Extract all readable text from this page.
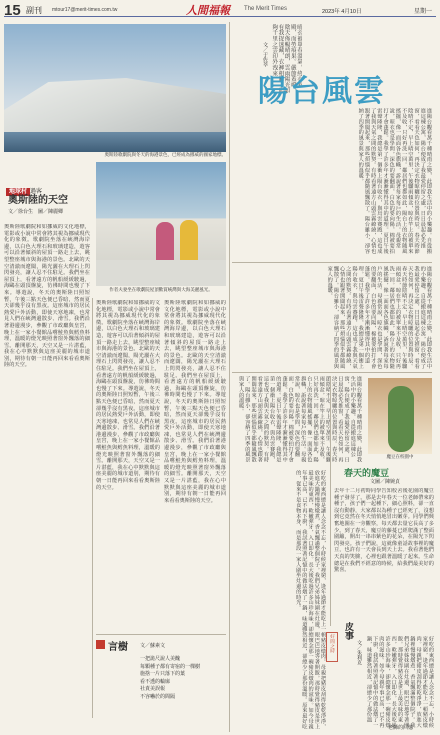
15 副刊 mtour17@merit-times.com.tw	人間福報 The Merit Times	2023年 4月10日	星期一
奧斯陸歌劇院與冬天的海港景色，已經成為挪威的國家地標。
作者夫妻坐在歌劇院屋頂歡賞峽灣與大海美麗風光。
地球村 過客
奧斯陸的天空
文／徐台生　圖／陳麗卿
奧斯陸歌劇院和如挪威的文化地標，電影或小說中常會將其視為挪威現代化的象徵。歌劇院坐落在峽灣海岸邊，以白色大理石和玻璃建造，遊客可以沿著傾斜的屋頂一路走上去，眺望整座城市與海港的景色。北歐的天空清澈而遼闊，陽光灑在大理石上閃閃發亮，讓人忍不住駐足。我們坐在屋頂上，看著遠方的帆船緩緩駛過，海鷗在頭頂盤旋，彷彿時間也慢了下來。導遊說，冬天的奧斯陸日照短暫，午後三點天色便已昏暗，然而夏天卻幾乎沒有黑夜。這座城市的居民熱愛戶外活動，即使天寒地凍，也常見人們在峽灣邊散步、滑雪。我們沿著港邊漫步，參觀了市政廳與皇宮，晚上在一家小餐館品嚐鮭魚與鱈魚料理，溫暖的燈光映照著窗外飄落的細雪。離開那天，天空又是一片湛藍，我在心中默默與這座美麗的城市道別，期待有朝一日能再回來看看奧斯陸的天空。
奧斯陸歌劇院和如挪威的文化地標，電影或小說中常會將其視為挪威現代化的象徵。歌劇院坐落在峽灣海岸邊，以白色大理石和玻璃建造，遊客可以沿著傾斜的屋頂一路走上去，眺望整座城市與海港的景色。北歐的天空清澈而遼闊，陽光灑在大理石上閃閃發亮，讓人忍不住駐足。我們坐在屋頂上，看著遠方的帆船緩緩駛過，海鷗在頭頂盤旋，彷彿時間也慢了下來。導遊說，冬天的奧斯陸日照短暫，午後三點天色便已昏暗，然而夏天卻幾乎沒有黑夜。這座城市的居民熱愛戶外活動，即使天寒地凍，也常見人們在峽灣邊散步、滑雪。我們沿著港邊漫步，參觀了市政廳與皇宮，晚上在一家小餐館品嚐鮭魚與鱈魚料理，溫暖的燈光映照著窗外飄落的細雪。離開那天，天空又是一片湛藍，我在心中默默與這座美麗的城市道別，期待有朝一日能再回來看看奧斯陸的天空。
奧斯陸歌劇院和如挪威的文化地標，電影或小說中常會將其視為挪威現代化的象徵。歌劇院坐落在峽灣海岸邊，以白色大理石和玻璃建造，遊客可以沿著傾斜的屋頂一路走上去，眺望整座城市與海港的景色。北歐的天空清澈而遼闊，陽光灑在大理石上閃閃發亮，讓人忍不住駐足。我們坐在屋頂上，看著遠方的帆船緩緩駛過，海鷗在頭頂盤旋，彷彿時間也慢了下來。導遊說，冬天的奧斯陸日照短暫，午後三點天色便已昏暗，然而夏天卻幾乎沒有黑夜。這座城市的居民熱愛戶外活動，即使天寒地凍，也常見人們在峽灣邊散步、滑雪。我們沿著港邊漫步，參觀了市政廳與皇宮，晚上在一家小餐館品嚐鮭魚與鱈魚料理，溫暖的燈光映照著窗外飄落的細雪。離開那天，天空又是一片湛藍，我在心中默默與這座美麗的城市道別，期待有朝一日能再回來看看奧斯陸的天空。
言樹 文／蘇素文
一把詭尺說人美醜
每顆種子都有寄宿的一棵樹
施捨一片只落下的葉
看不透的輪廓
社責美誤報
不容嚇於的間隔
晴衣被單春溫氣，終衣外殿，而勞痕果。嚴節蓋嚐，陰天佈暢晴朗，雲雨陽光如有我捉迷藏，衣褲相關，能夠千里之雲印外洩來。
文／于佐莘
陽台風雲
進陽台觀看萬千種晴雨之變，此即我生活中的小樂趣。自從搬進這棟公寓，陽台便成了我最愛停留之處，日日晨起必先推窗，看看天色如何，再決定衣物晾曬的位置與時辰。春天時節陰晴不定，早上晴空萬里，午後驟雨傾盆，晾在竿上的被單來不及收，只好再洗一回。鄰居們也都如此，陽台上的衣物隨風搖擺，像一面面各色旗幟，訴說著每家每戶的生活。母親常說，晾衣也是學問，深色的要翻面，白色的要向陽，棉被要拍打才會蓬鬆。我學了許多年才漸漸懂得其中的道理。夏日午後雷聲隆隆，我總是第一個衝上陽台收衣，與烏雲賽跑，這也成了我與天氣之間的默契。有時看著遠方山頭雲霧繚繞，心情也跟著開闊起來，那些煩惱似乎都隨風飄散了。陽台雖小，卻容納了四季的風景與家人的溫暖。
進陽台觀看萬千種晴雨之變，此即我生活中的小樂趣。自從搬進這棟公寓，陽台便成了我最愛停留之處，日日晨起必先推窗，看看天色如何，再決定衣物晾曬的位置與時辰。春天時節陰晴不定，早上晴空萬里，午後驟雨傾盆，晾在竿上的被單來不及收，只好再洗一回。鄰居們也都如此，陽台上的衣物隨風搖擺，像一面面各色旗幟，訴說著每家每戶的生活。母親常說，晾衣也是學問，深色的要翻面，白色的要向陽，棉被要拍打才會蓬鬆。我學了許多年才漸漸懂得其中的道理。夏日午後雷聲隆隆，我總是第一個衝上陽台收衣，與烏雲賽跑，這也成了我與天氣之間的默契。有時看著遠方山頭雲霧繚繞，心情也跟著開闊起來，那些煩惱似乎都隨風飄散了。陽台雖小，卻容納了四季的風景與家人的溫暖。
進陽台觀看萬千種晴雨之變，此即我生活中的小樂趣。自從搬進這棟公寓，陽台便成了我最愛停留之處，日日晨起必先推窗，看看天色如何，再決定衣物晾曬的位置與時辰。春天時節陰晴不定，早上晴空萬里，午後驟雨傾盆，晾在竿上的被單來不及收，只好再洗一回。鄰居們也都如此，陽台上的衣物隨風搖擺，像一面面各色旗幟，訴說著每家每戶的生活。母親常說，晾衣也是學問，深色的要翻面，白色的要向陽，棉被要拍打才會蓬鬆。我學了許多年才漸漸懂得其中的道理。夏日午後雷聲隆隆，我總是第一個衝上陽台收衣，與烏雲賽跑，這也成了我與天氣之間的默契。有時看著遠方山頭雲霧繚繞，心情也跟著開闊起來，那些煩惱似乎都隨風飄散了。陽台雖小，卻容納了四季的風景與家人的溫暖。
魔豆在校園中
春天的魔豆
文圖／陳婉貞
去年十二月初時同學告知校舍後花園的魔豆種子發芽了。那是去年春天一位老師帶來的種子，孩子們一起種下，細心照料，卻一直沒有動靜，大家都以為種子已經死了，沒想到它竟然在冬天悄悄地冒出嫩芽。同學們興奮地圍在一旁觀察，每天都去量它長高了多少。到了春天，魔豆的藤蔓已經爬滿了整面圍籬，開出一串串紫色的花朵，在陽光下閃閃發亮。孩子們說，這就像童話故事裡的魔豆，也許有一天會長到天上去。我看著他們天真的笑臉，心裡也跟著溫暖了起來。生命總是在我們不經意的時候，給我們最美好的驚喜。
好閒之時
皮事
文／朱利克
好吃的東西總是讓人念念不忘，小時候家裡窮，逢年過節才能吃上一頓豬皮燉肉。母親把豬皮刮得乾乾淨淨，放進大鍋裡慢慢燉煮，香氣飄滿整個院子。我們兄弟姊妹圍在灶邊，眼巴巴地等著開飯。那時覺得豬皮是世上最美味的東西，軟嫩彈牙，入口即化。長大後吃過許多山珍海味，卻總懷念那一碗豬皮燉肉的滋味。如今母親年事已高，已不再下廚，我試著照著記憶中的做法燉了一鍋，味道雖然相近，卻總少了那份溫暖。原來最好吃的，從來不是食物本身，而是那段一家人圍坐灶邊的時光。
好吃的東西總是讓人念念不忘，小時候家裡窮，逢年過節才能吃上一頓豬皮燉肉。母親把豬皮刮得乾乾淨淨，放進大鍋裡慢慢燉煮，香氣飄滿整個院子。我們兄弟姊妹圍在灶邊，眼巴巴地等著開飯。那時覺得豬皮是世上最美味的東西，軟嫩彈牙，入口即化。長大後吃過許多山珍海味，卻總懷念那一碗豬皮燉肉的滋味。如今母親年事已高，已不再下廚，我試著照著記憶中的做法燉了一鍋，味道雖然相近，卻總少了那份溫
老師的回憶
